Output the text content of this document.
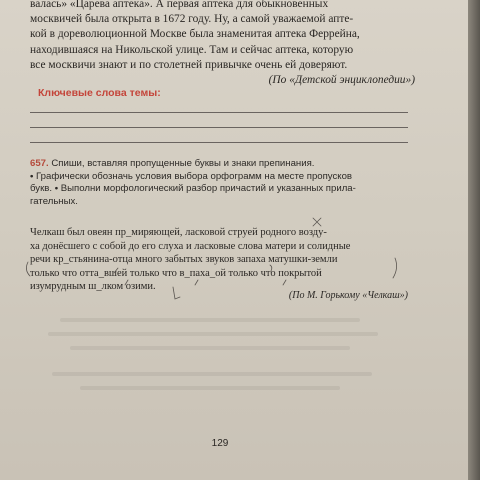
валась» «Царева аптека». А первая аптека для обыкновенных
москвичей была открыта в 1672 году. Ну, а самой уважаемой апте-
кой в дореволюционной Москве была знаменитая аптека Феррейна,
находившаяся на Никольской улице. Там и сейчас аптека, которую
все москвичи знают и по столетней привычке очень ей доверяют.
(По «Детской энциклопедии»)
Ключевые слова темы:
657. Спиши, вставляя пропущенные буквы и знаки препинания.
• Графически обозначь условия выбора орфограмм на месте пропусков
букв. • Выполни морфологический разбор причастий и указанных прила-
гательных.
Челкаш был овеян пр_миряющей, ласковой струей родного возду-
ха донёсшего с собой до его слуха и ласковые слова матери и солидные
речи кр_стьянина-отца много забытых звуков запаха матушки-земли
только что отта_вшей только что в_паха_ой только что покрытой
изумрудным ш_лком озими.
(По М. Горькому «Челкаш»)
129
